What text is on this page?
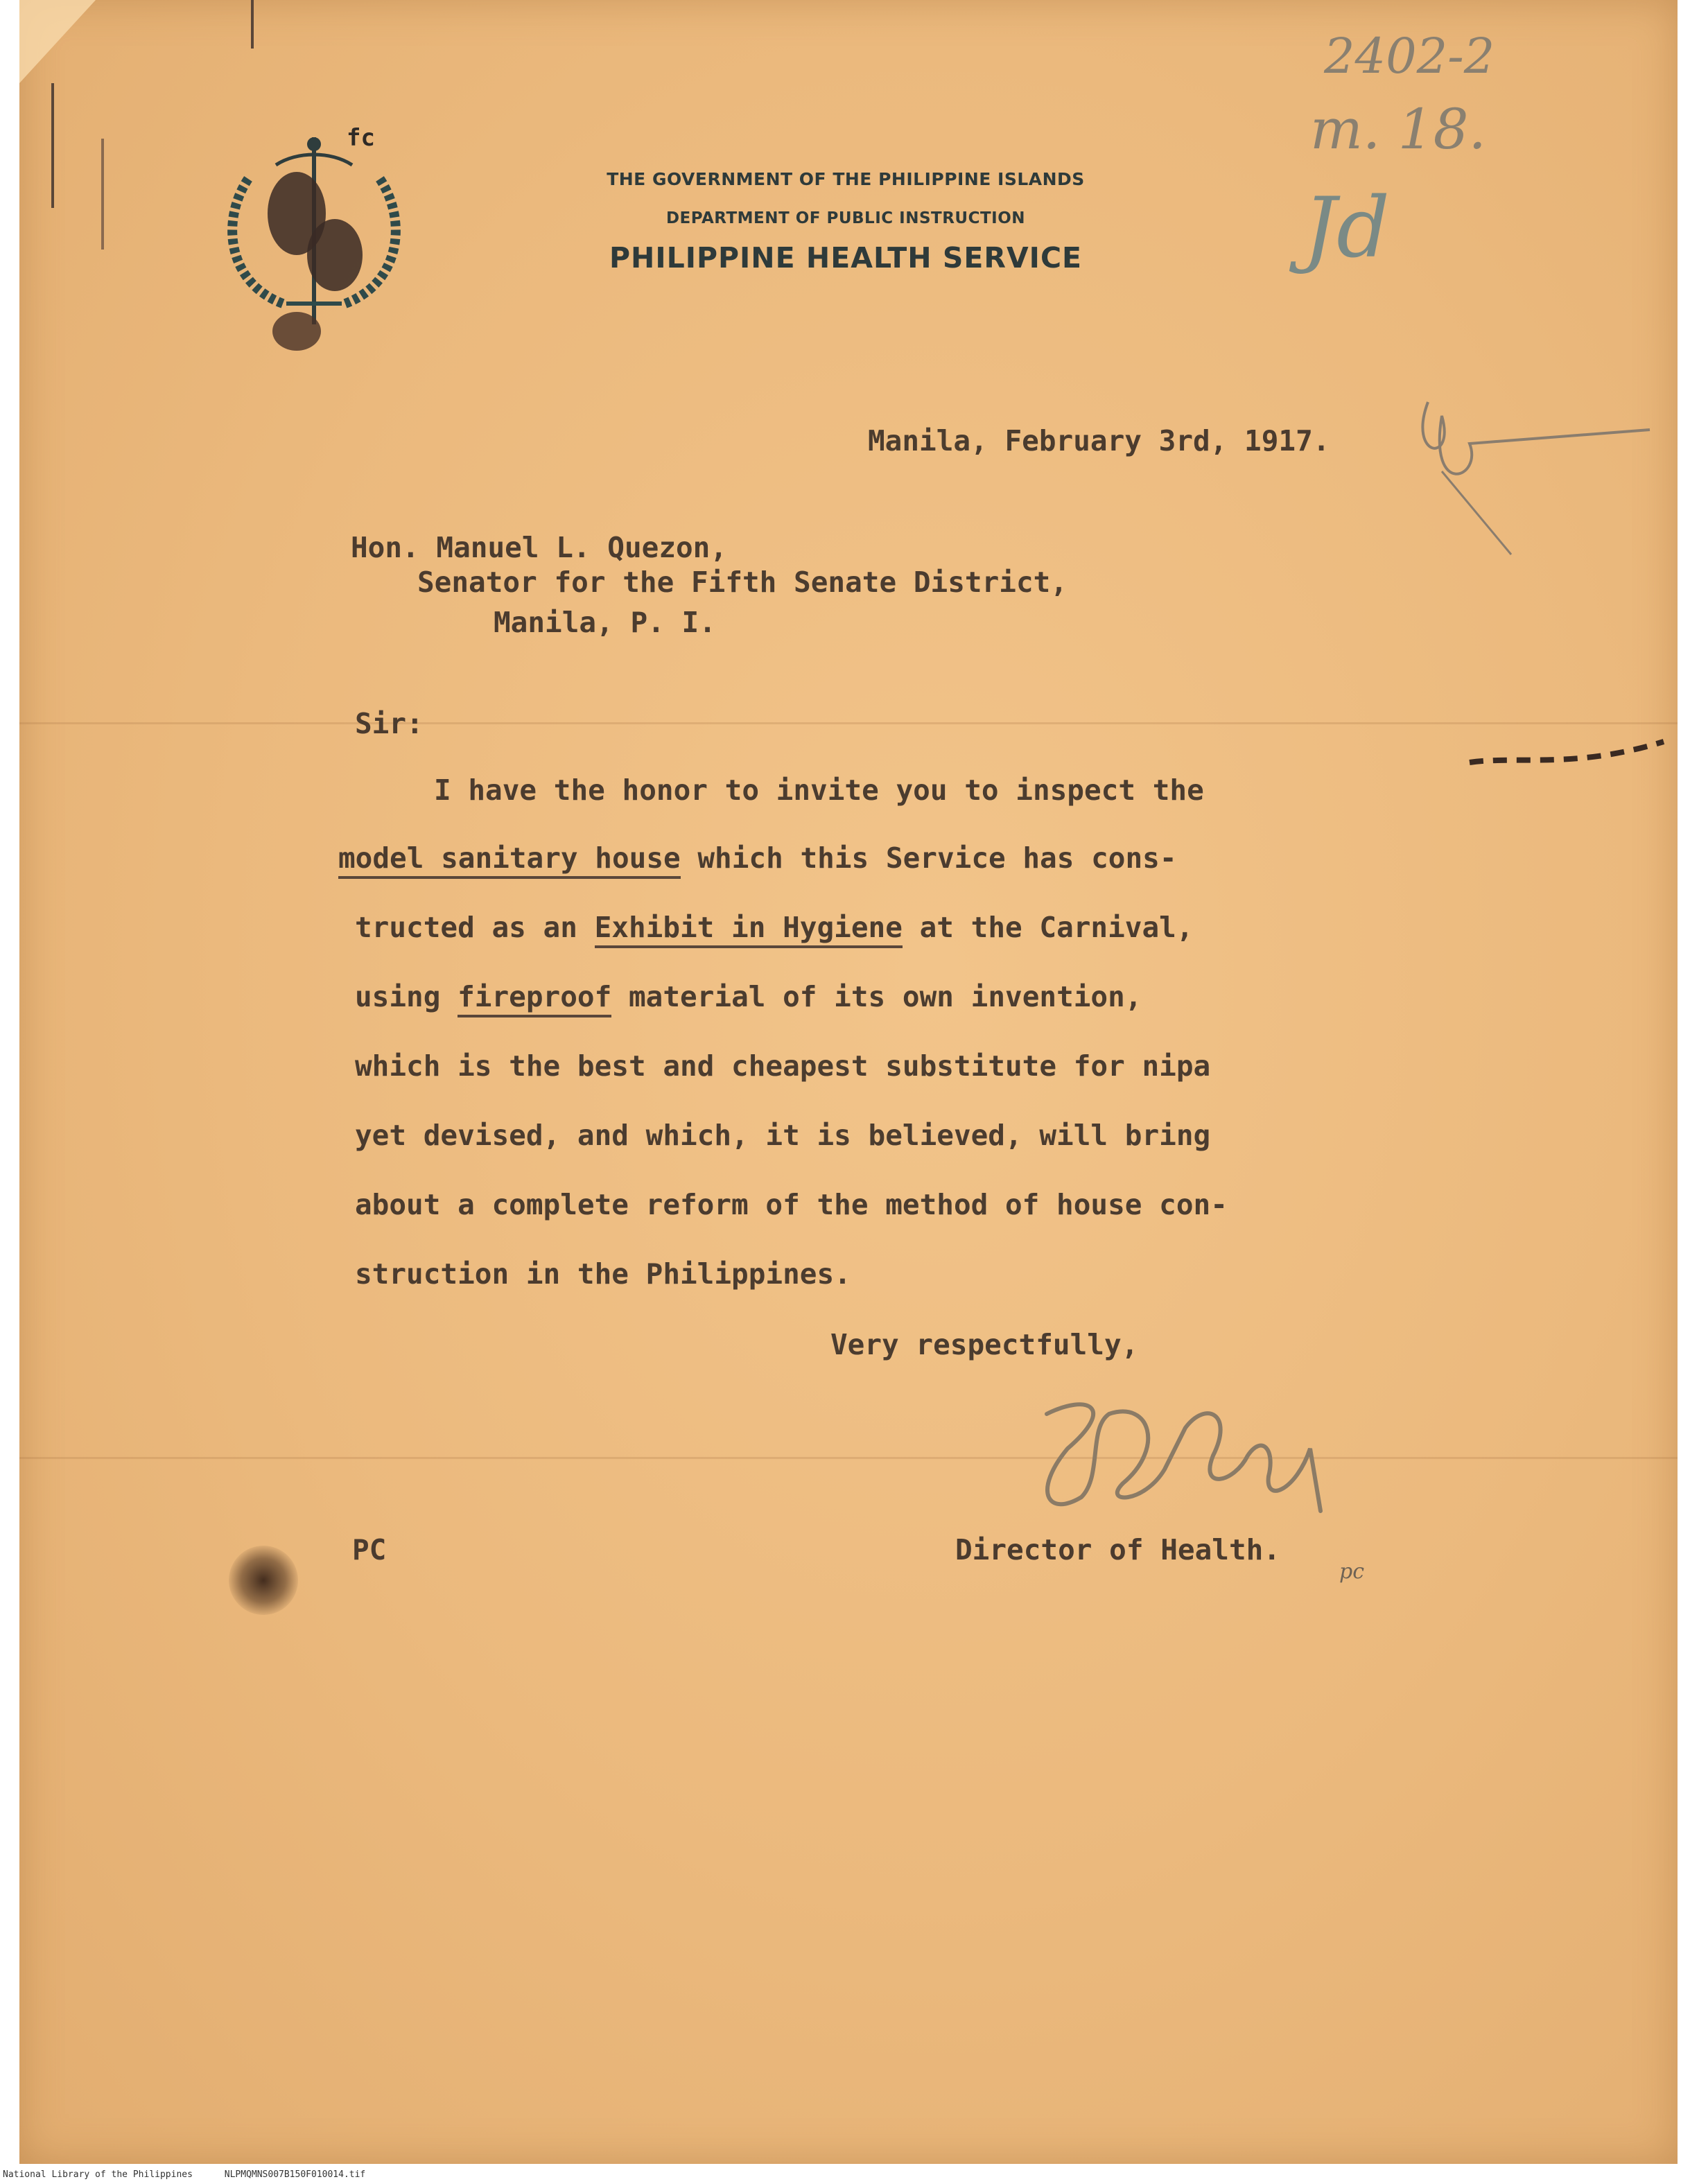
fc
THE GOVERNMENT OF THE PHILIPPINE ISLANDS
DEPARTMENT OF PUBLIC INSTRUCTION
PHILIPPINE HEALTH SERVICE
2402-2
m. 18.
Jd
Manila, February 3rd, 1917.
Hon. Manuel L. Quezon,
Senator for the Fifth Senate District,
Manila, P. I.
Sir:
I have the honor to invite you to inspect the
model sanitary house which this Service has cons-
tructed as an Exhibit in Hygiene at the Carnival,
using fireproof material of its own invention,
which is the best and cheapest substitute for nipa
yet devised, and which, it is believed, will bring
about a complete reform of the method of house con-
struction in the Philippines.
Very respectfully,
PC	Director of Health.
pc
National Library of the Philippines	NLPMQMNS007B150F010014.tif
